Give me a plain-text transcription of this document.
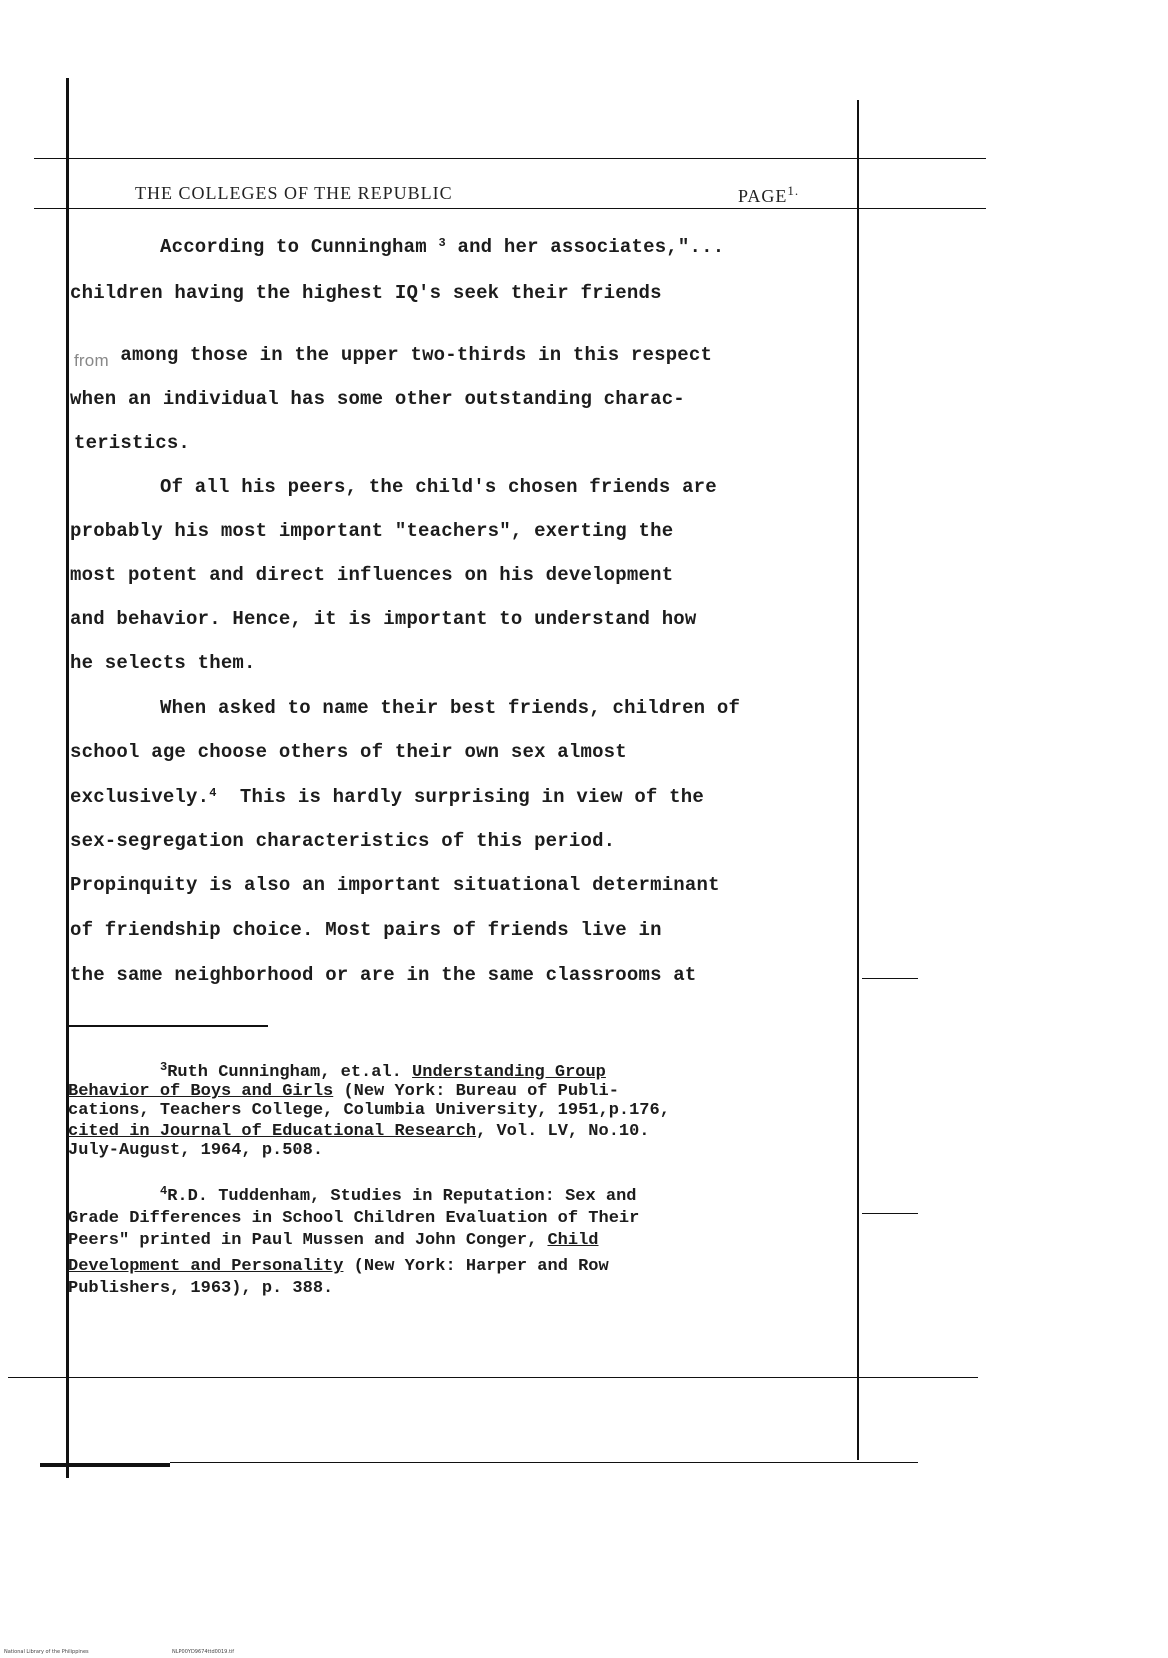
THE COLLEGES OF THE REPUBLIC	$PAGE^{1.}$
According to Cunningham $^3$ and her associates,"...
children having the highest IQ's seek their friends
from among those in the upper two-thirds in this respect
when an individual has some other outstanding charac-
teristics.
Of all his peers, the child's chosen friends are
probably his most important "teachers", exerting the
most potent and direct influences on his development
and behavior. Hence, it is important to understand how
he selects them.
When asked to name their best friends, children of
school age choose others of their own sex almost
exclusively.$^4$ This is hardly surprising in view of the
sex-segregation characteristics of this period.
Propinquity is also an important situational determinant
of friendship choice. Most pairs of friends live in
the same neighborhood or are in the same classrooms at
$^3$Ruth Cunningham, et.al. Understanding Group
Behavior of Boys and Girls (New York: Bureau of Publi-
cations, Teachers College, Columbia University, 1951,p.176,
cited in Journal of Educational Research, Vol. LV, No.10.
July-August, 1964, p.508.
$^4$R.D. Tuddenham, Studies in Reputation: Sex and
Grade Differences in School Children Evaluation of Their
Peers" printed in Paul Mussen and John Conger, Child
Development and Personality (New York: Harper and Row
Publishers, 1963), p. 388.
National Library of the Philippines	NLP00YD9674ttd0019.tif
